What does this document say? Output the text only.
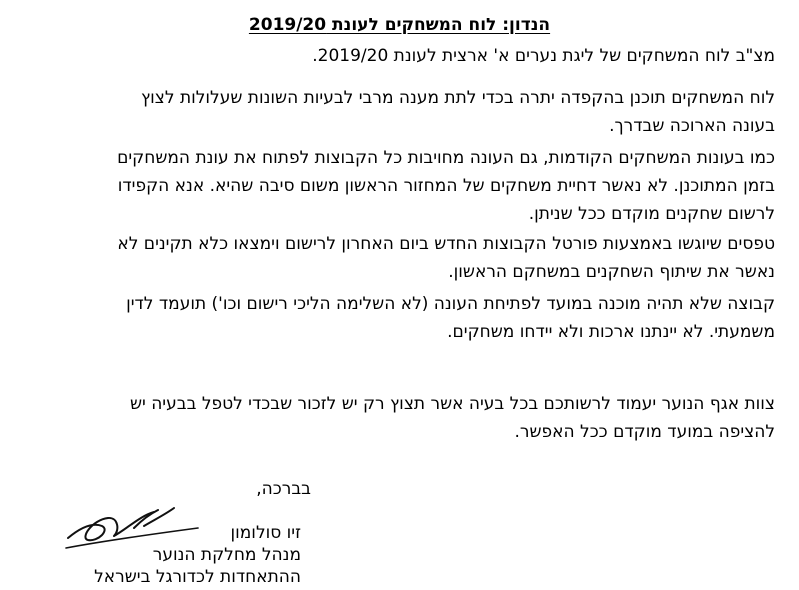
הנדון: לוח המשחקים לעונת 2019/20

מצ"ב לוח המשחקים של ליגת נערים א' ארצית לעונת 2019/20.

לוח המשחקים תוכנן בהקפדה יתרה בכדי לתת מענה מרבי לבעיות השונות שעלולות לצוץ
בעונה הארוכה שבדרך.

כמו בעונות המשחקים הקודמות, גם העונה מחויבות כל הקבוצות לפתוח את עונת המשחקים
בזמן המתוכנן. לא נאשר דחיית משחקים של המחזור הראשון משום סיבה שהיא. אנא הקפידו
לרשום שחקנים מוקדם ככל שניתן.

טפסים שיוגשו באמצעות פורטל הקבוצות החדש ביום האחרון לרישום וימצאו כלא תקינים לא
נאשר את שיתוף השחקנים במשחקם הראשון.

קבוצה שלא תהיה מוכנה במועד לפתיחת העונה (לא השלימה הליכי רישום וכו') תועמד לדין
משמעתי. לא יינתנו ארכות ולא יידחו משחקים.

צוות אגף הנוער יעמוד לרשותכם בכל בעיה אשר תצוץ רק יש לזכור שבכדי לטפל בבעיה יש
להציפה במועד מוקדם ככל האפשר.

בברכה,

זיו סולומון
מנהל מחלקת הנוער
ההתאחדות לכדורגל בישראל
